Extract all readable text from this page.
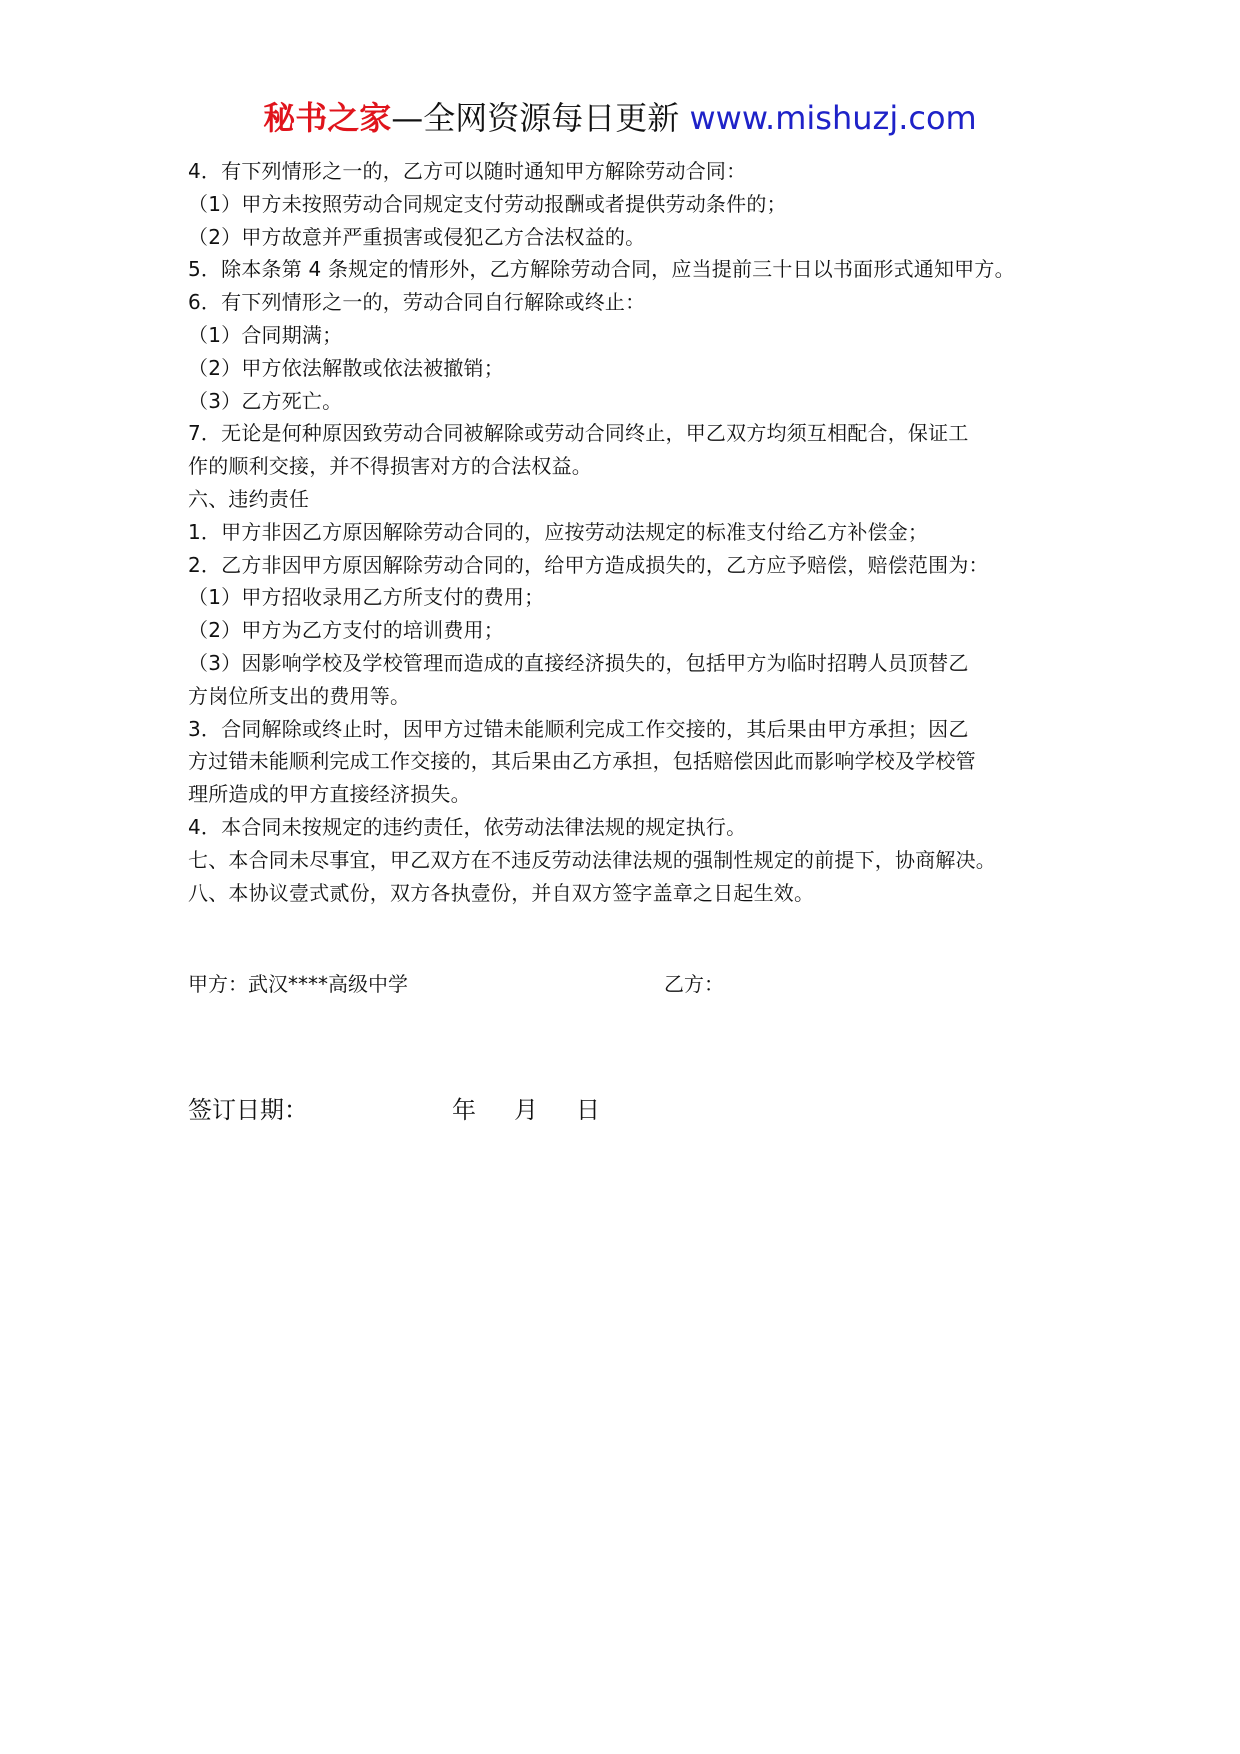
秘书之家—全网资源每日更新 www.mishuzj.com
4．有下列情形之一的，乙方可以随时通知甲方解除劳动合同：
（1）甲方未按照劳动合同规定支付劳动报酬或者提供劳动条件的；
（2）甲方故意并严重损害或侵犯乙方合法权益的。
5．除本条第 4 条规定的情形外，乙方解除劳动合同，应当提前三十日以书面形式通知甲方。
6．有下列情形之一的，劳动合同自行解除或终止：
（1）合同期满；
（2）甲方依法解散或依法被撤销；
（3）乙方死亡。
7．无论是何种原因致劳动合同被解除或劳动合同终止，甲乙双方均须互相配合，保证工
作的顺利交接，并不得损害对方的合法权益。
六、违约责任
1．甲方非因乙方原因解除劳动合同的，应按劳动法规定的标准支付给乙方补偿金；
2．乙方非因甲方原因解除劳动合同的，给甲方造成损失的，乙方应予赔偿，赔偿范围为：
（1）甲方招收录用乙方所支付的费用；
（2）甲方为乙方支付的培训费用；
（3）因影响学校及学校管理而造成的直接经济损失的，包括甲方为临时招聘人员顶替乙
方岗位所支出的费用等。
3．合同解除或终止时，因甲方过错未能顺利完成工作交接的，其后果由甲方承担；因乙
方过错未能顺利完成工作交接的，其后果由乙方承担，包括赔偿因此而影响学校及学校管
理所造成的甲方直接经济损失。
4．本合同未按规定的违约责任，依劳动法律法规的规定执行。
七、本合同未尽事宜，甲乙双方在不违反劳动法律法规的强制性规定的前提下，协商解决。
八、本协议壹式贰份，双方各执壹份，并自双方签字盖章之日起生效。
甲方：武汉****高级中学	乙方：
签订日期：	年 月 日
